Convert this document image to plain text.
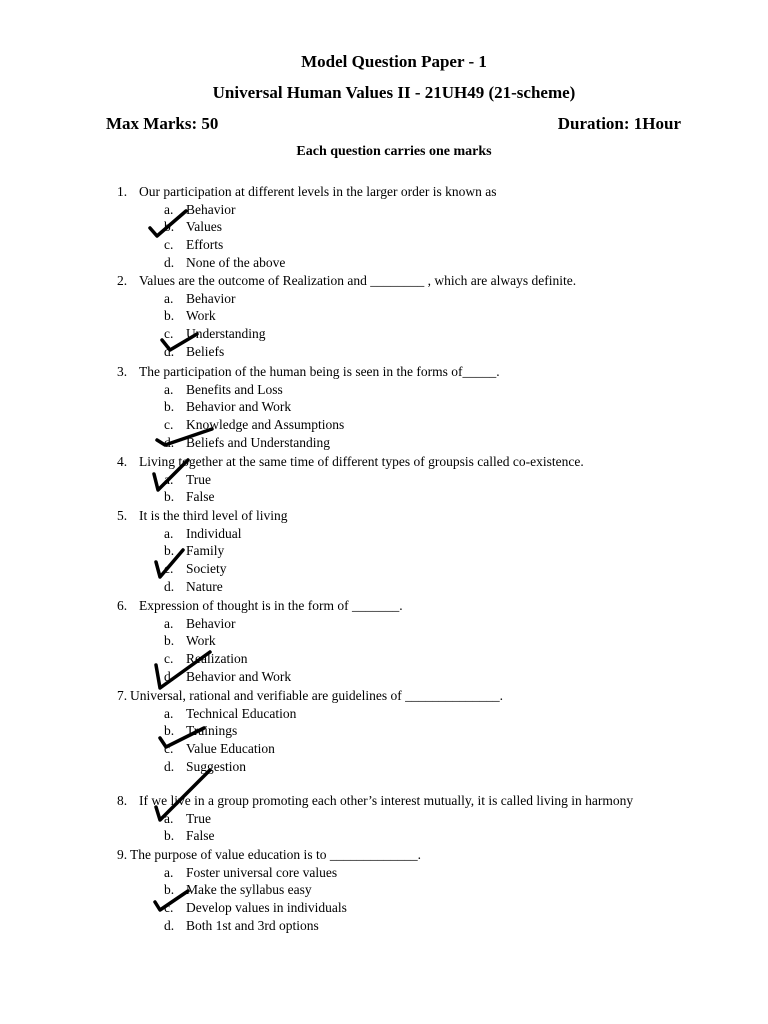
Model Question Paper - 1
Universal Human Values II - 21UH49 (21-scheme)
Max Marks: 50	Duration: 1Hour
Each question carries one marks
1. Our participation at different levels in the larger order is known as
a. Behavior
b. Values
c. Efforts
d. None of the above
2. Values are the outcome of Realization and ________ , which are always definite.
a. Behavior
b. Work
c. Understanding
d. Beliefs
3. The participation of the human being is seen in the forms of_____.
a. Benefits and Loss
b. Behavior and Work
c. Knowledge and Assumptions
d. Beliefs and Understanding
4. Living together at the same time of different types of groupsis called co-existence.
a. True
b. False
5. It is the third level of living
a. Individual
b. Family
c. Society
d. Nature
6. Expression of thought is in the form of _______.
a. Behavior
b. Work
c. Realization
d. Behavior and Work
7. Universal, rational and verifiable are guidelines of ______________.
a. Technical Education
b. Trainings
c. Value Education
d. Suggestion
8. If we live in a group promoting each other’s interest mutually, it is called living in harmony
a. True
b. False
9. The purpose of value education is to _____________.
a. Foster universal core values
b. Make the syllabus easy
c. Develop values in individuals
d. Both 1st and 3rd options
